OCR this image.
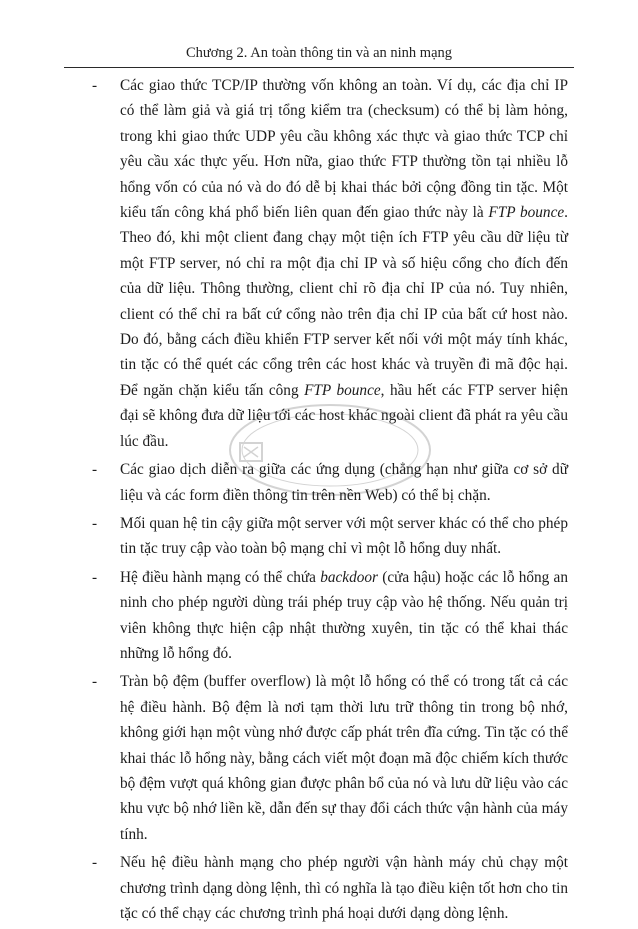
Chương 2. An toàn thông tin và an ninh mạng
- Các giao thức TCP/IP thường vốn không an toàn. Ví dụ, các địa chỉ IP có thể làm giả và giá trị tổng kiểm tra (checksum) có thể bị làm hỏng, trong khi giao thức UDP yêu cầu không xác thực và giao thức TCP chỉ yêu cầu xác thực yếu. Hơn nữa, giao thức FTP thường tồn tại nhiều lỗ hổng vốn có của nó và do đó dễ bị khai thác bởi cộng đồng tin tặc. Một kiểu tấn công khá phổ biến liên quan đến giao thức này là FTP bounce. Theo đó, khi một client đang chạy một tiện ích FTP yêu cầu dữ liệu từ một FTP server, nó chỉ ra một địa chỉ IP và số hiệu cổng cho đích đến của dữ liệu. Thông thường, client chỉ rõ địa chỉ IP của nó. Tuy nhiên, client có thể chỉ ra bất cứ cổng nào trên địa chỉ IP của bất cứ host nào. Do đó, bằng cách điều khiển FTP server kết nối với một máy tính khác, tin tặc có thể quét các cổng trên các host khác và truyền đi mã độc hại. Để ngăn chặn kiểu tấn công FTP bounce, hầu hết các FTP server hiện đại sẽ không đưa dữ liệu tới các host khác ngoài client đã phát ra yêu cầu lúc đầu.

- Các giao dịch diễn ra giữa các ứng dụng (chẳng hạn như giữa cơ sở dữ liệu và các form điền thông tin trên nền Web) có thể bị chặn.

- Mối quan hệ tin cậy giữa một server với một server khác có thể cho phép tin tặc truy cập vào toàn bộ mạng chỉ vì một lỗ hổng duy nhất.

- Hệ điều hành mạng có thể chứa backdoor (cửa hậu) hoặc các lỗ hổng an ninh cho phép người dùng trái phép truy cập vào hệ thống. Nếu quản trị viên không thực hiện cập nhật thường xuyên, tin tặc có thể khai thác những lỗ hổng đó.

- Tràn bộ đệm (buffer overflow) là một lỗ hổng có thể có trong tất cả các hệ điều hành. Bộ đệm là nơi tạm thời lưu trữ thông tin trong bộ nhớ, không giới hạn một vùng nhớ được cấp phát trên đĩa cứng. Tin tặc có thể khai thác lỗ hổng này, bằng cách viết một đoạn mã độc chiếm kích thước bộ đệm vượt quá không gian được phân bổ của nó và lưu dữ liệu vào các khu vực bộ nhớ liền kề, dẫn đến sự thay đổi cách thức vận hành của máy tính.

- Nếu hệ điều hành mạng cho phép người vận hành máy chủ chạy một chương trình dạng dòng lệnh, thì có nghĩa là tạo điều kiện tốt hơn cho tin tặc có thể chạy các chương trình phá hoại dưới dạng dòng lệnh.
